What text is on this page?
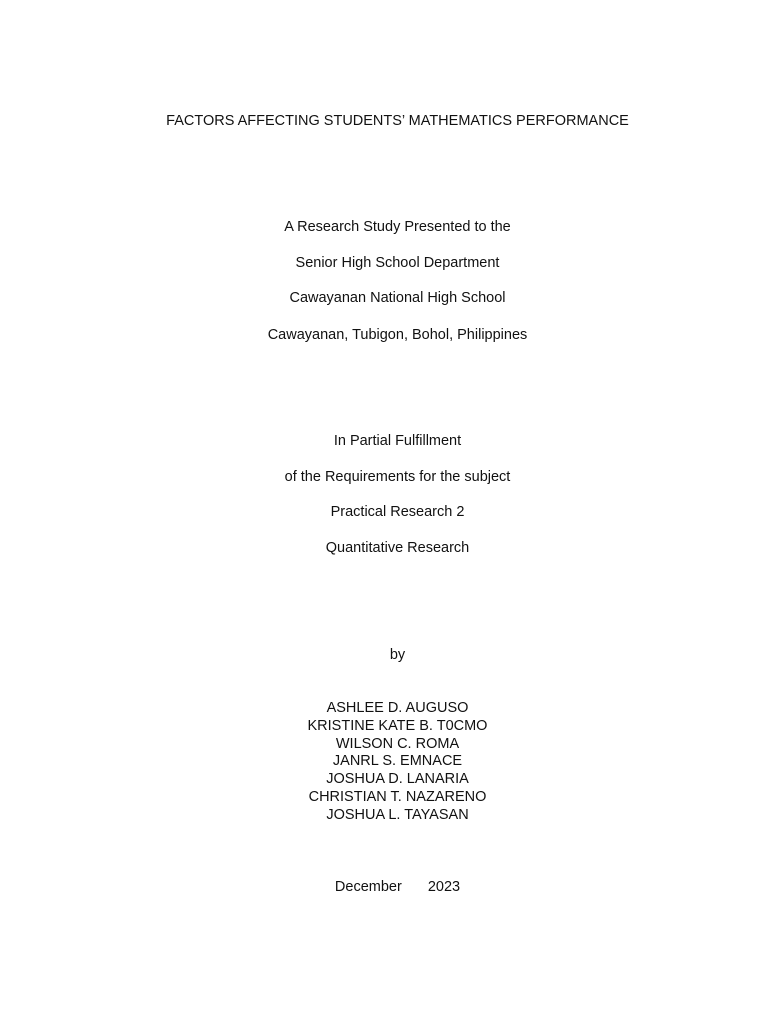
FACTORS AFFECTING STUDENTS’ MATHEMATICS PERFORMANCE
A Research Study Presented to the
Senior High School Department
Cawayanan National High School
Cawayanan, Tubigon, Bohol, Philippines
In Partial Fulfillment
of the Requirements for the subject
Practical Research 2
Quantitative Research
by
ASHLEE D. AUGUSO
KRISTINE KATE B. T0CMO
WILSON C. ROMA
JANRL S. EMNACE
JOSHUA D. LANARIA
CHRISTIAN T. NAZARENO
JOSHUA L. TAYASAN
December 2023
